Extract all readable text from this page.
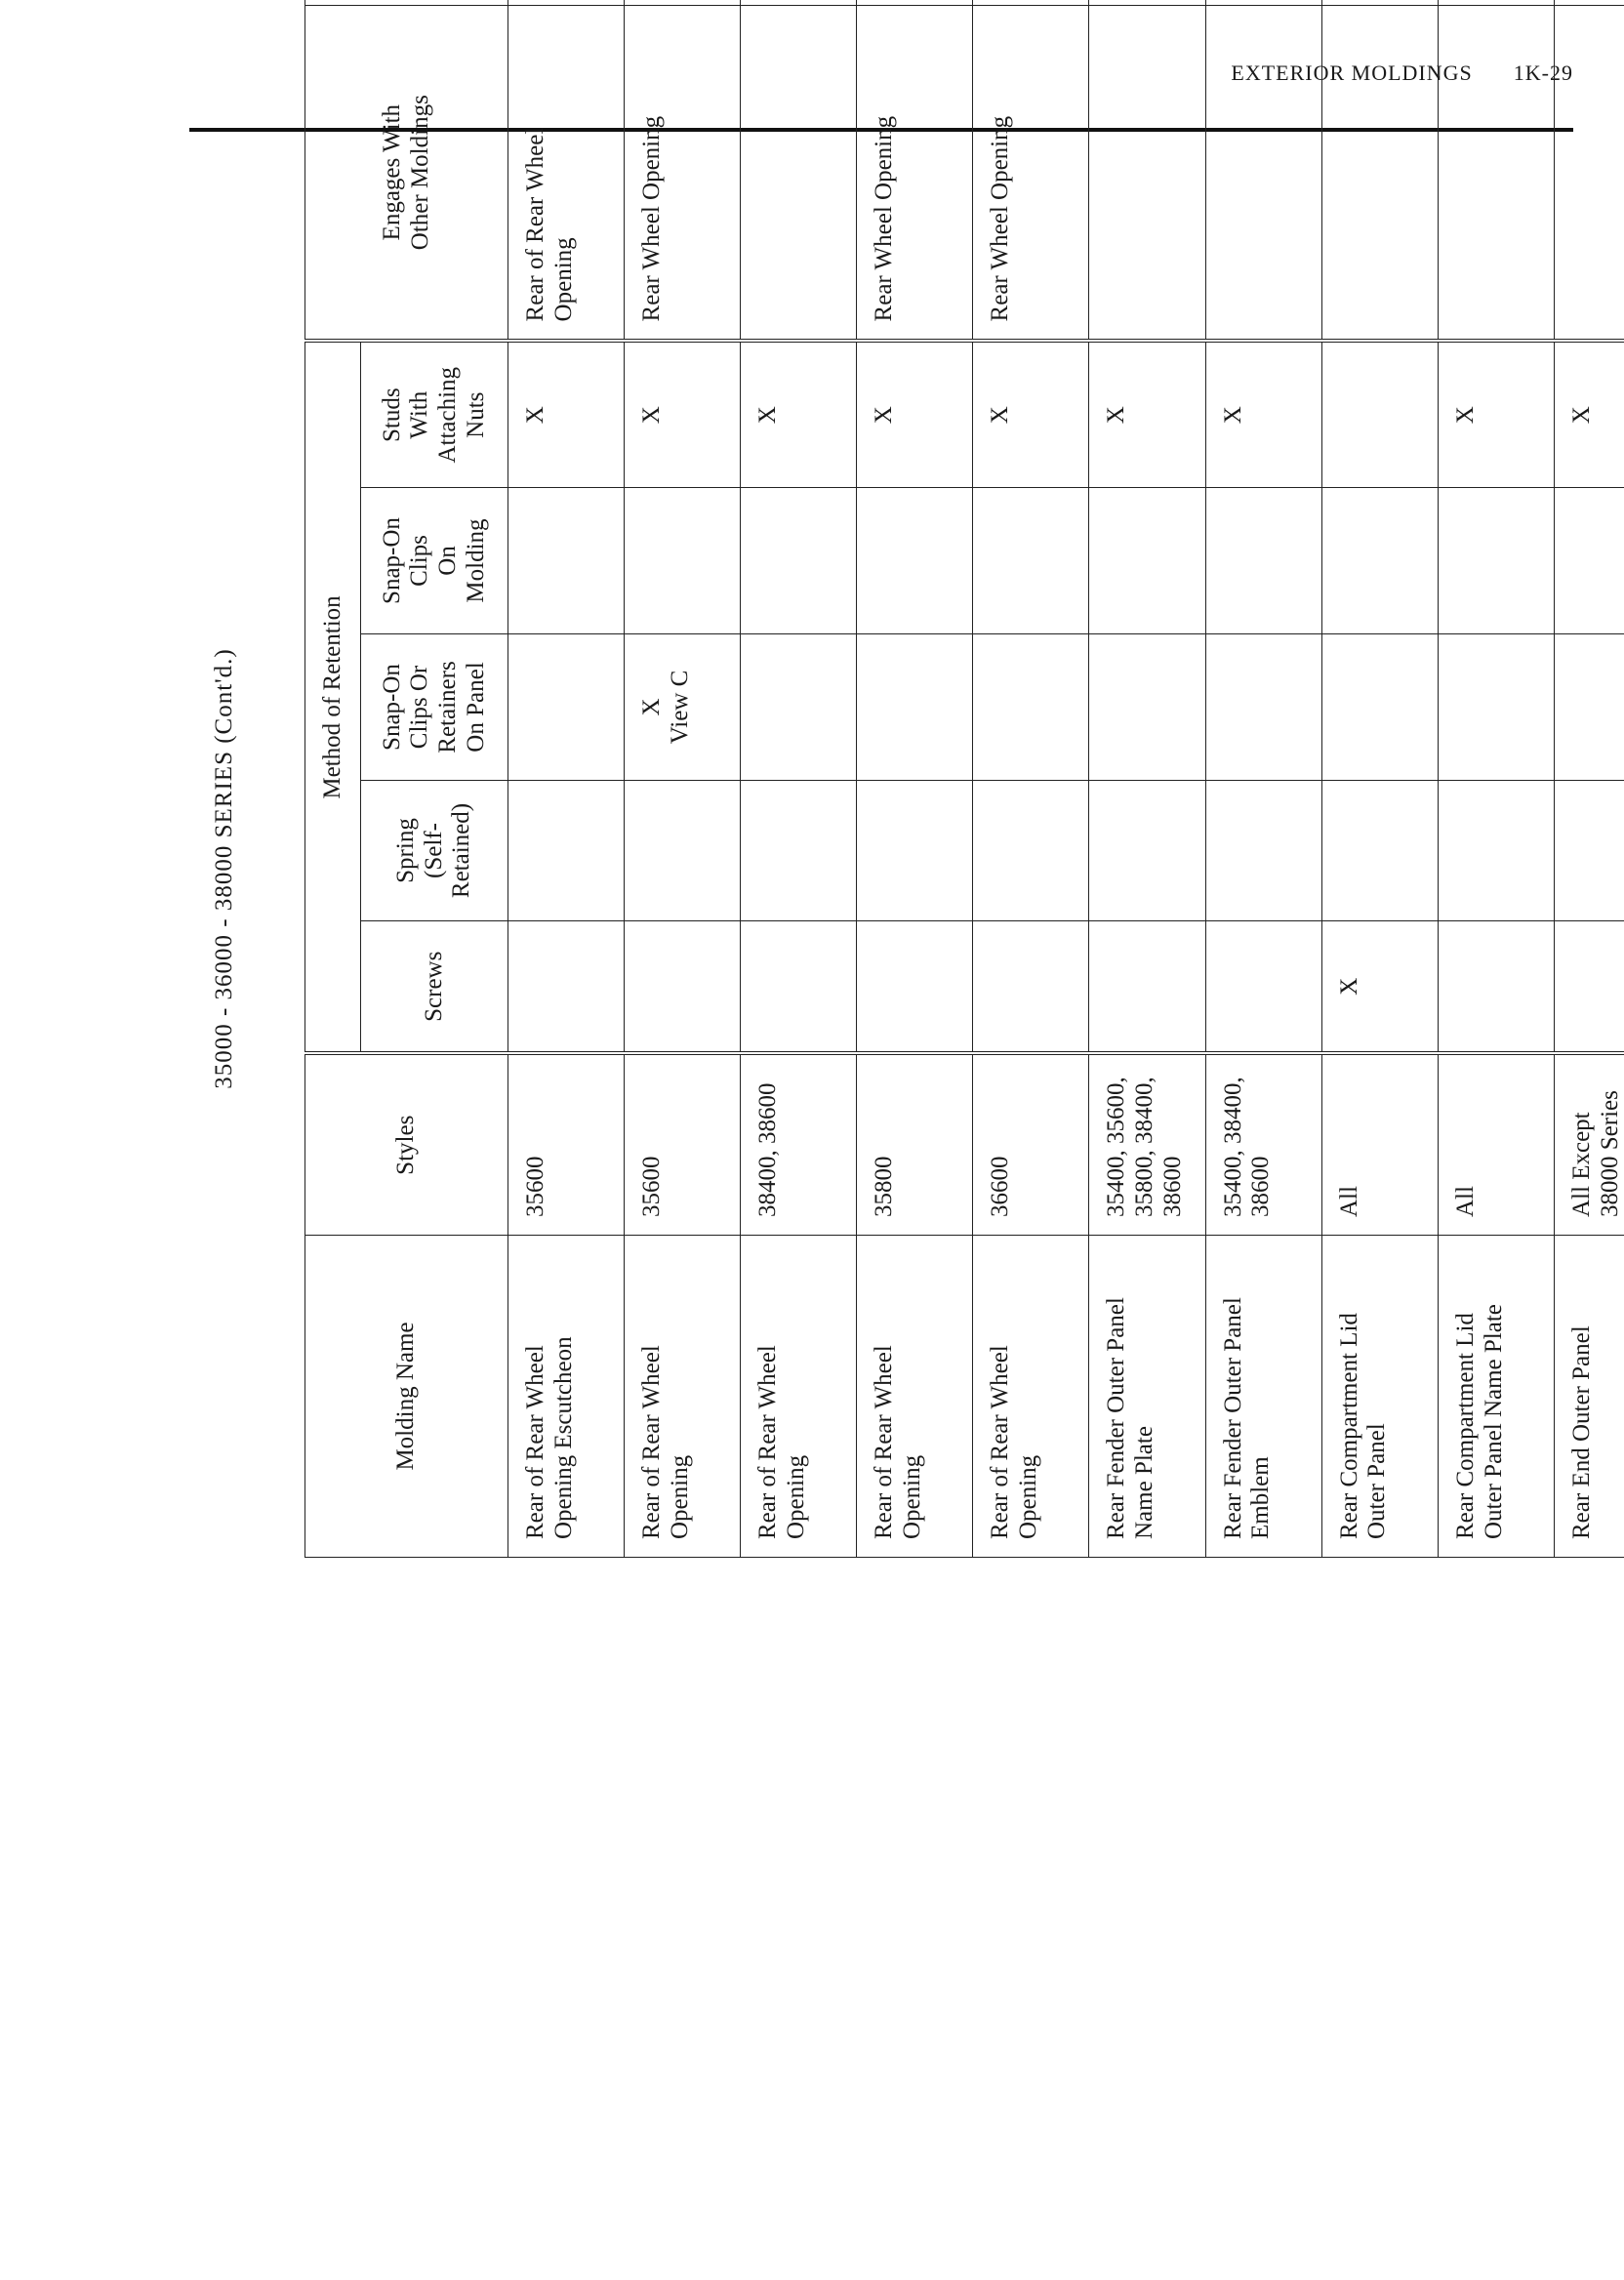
EXTERIOR MOLDINGS 1K-29
35000 - 36000 - 38000 SERIES (Cont'd.)
Molding Name	Styles	Method of Retention					Engages With
Other Moldings	
		Screws	Spring
(Self-
Retained)	Snap-On
Clips Or
Retainers
On Panel	Snap-On
Clips
On
Molding	Studs
With
Attaching
Nuts		
Rear of Rear Wheel
Opening Escutcheon	35600					X	Rear of Rear Wheel
Opening	
Rear of Rear Wheel
Opening	35600			X
View C		X	Rear Wheel Opening	
Rear of Rear Wheel
Opening	38400, 38600					X		
Rear of Rear Wheel
Opening	35800					X	Rear Wheel Opening	
Rear of Rear Wheel
Opening	36600					X	Rear Wheel Opening	
Rear Fender Outer Panel
Name Plate	35400, 35600,
35800, 38400,
38600					X		
Rear Fender Outer Panel
Emblem	35400, 38400,
38600					X		
Rear Compartment Lid
Outer Panel	All	X						
Rear Compartment Lid
Outer Panel Name Plate	All					X		
Rear End Outer Panel	All Except
38000 Series					X		
